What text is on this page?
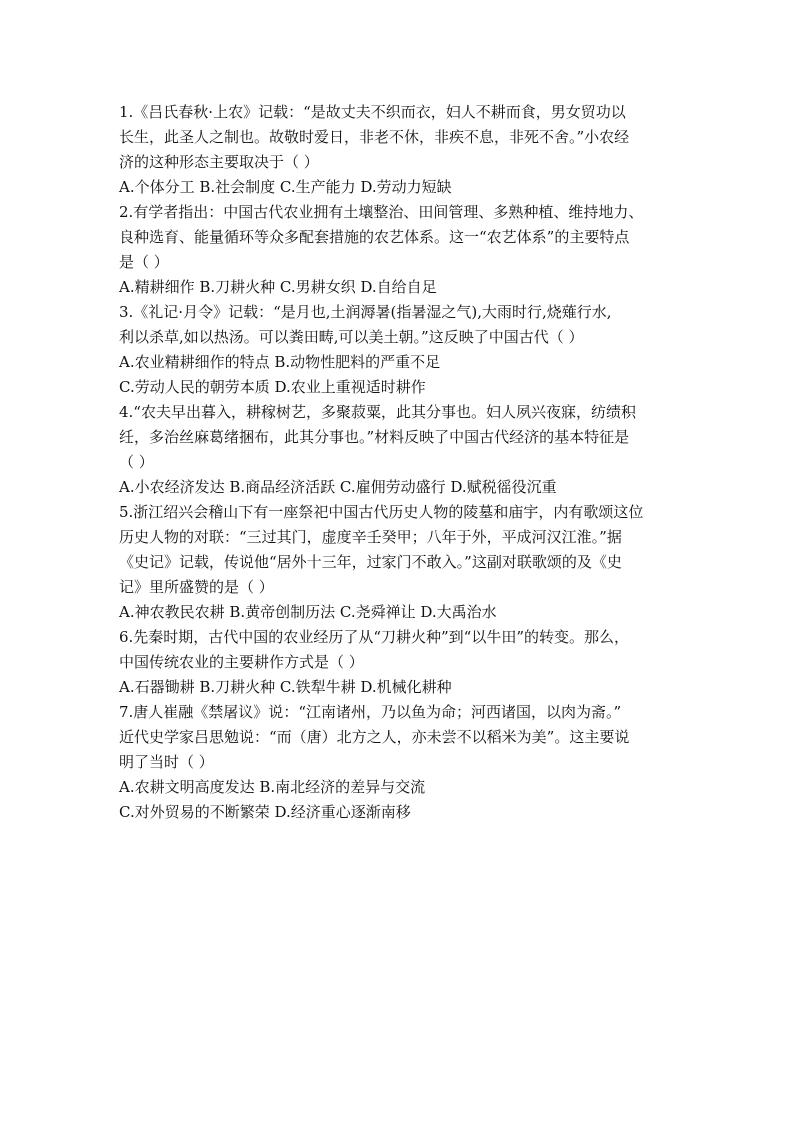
1.《吕氏春秋·上农》记载：“是故丈夫不织而衣，妇人不耕而食，男女贸功以
长生，此圣人之制也。故敬时爱日，非老不休，非疾不息，非死不舍。”小农经
济的这种形态主要取决于（ ）
A.个体分工 B.社会制度 C.生产能力 D.劳动力短缺
2.有学者指出：中国古代农业拥有土壤整治、田间管理、多熟种植、维持地力、
良种选育、能量循环等众多配套措施的农艺体系。这一“农艺体系”的主要特点
是（ ）
A.精耕细作 B.刀耕火种 C.男耕女织 D.自给自足
3.《礼记·月令》记载：“是月也,土润溽暑(指暑湿之气),大雨时行,烧薙行水,
利以杀草,如以热汤。可以粪田畴,可以美土朝。”这反映了中国古代（ ）
A.农业精耕细作的特点 B.动物性肥料的严重不足
C.劳动人民的朝劳本质 D.农业上重视适时耕作
4.“农夫早出暮入，耕稼树艺，多聚菽粟，此其分事也。妇人夙兴夜寐，纺绩积
纴，多治丝麻葛绪捆布，此其分事也。”材料反映了中国古代经济的基本特征是
（ ）
A.小农经济发达 B.商品经济活跃 C.雇佣劳动盛行 D.赋税徭役沉重
5.浙江绍兴会稽山下有一座祭祀中国古代历史人物的陵墓和庙宇，内有歌颂这位
历史人物的对联：“三过其门，虚度辛壬癸甲；八年于外，平成河汉江淮。”据
《史记》记载，传说他“居外十三年，过家门不敢入。”这副对联歌颂的及《史
记》里所盛赞的是（ ）
A.神农教民农耕 B.黄帝创制历法 C.尧舜禅让 D.大禹治水
6.先秦时期，古代中国的农业经历了从“刀耕火种”到“以牛田”的转变。那么，
中国传统农业的主要耕作方式是（ ）
A.石器锄耕 B.刀耕火种 C.铁犁牛耕 D.机械化耕种
7.唐人崔融《禁屠议》说：“江南诸州，乃以鱼为命；河西诸国，以肉为斋。”
近代史学家吕思勉说：“而（唐）北方之人，亦未尝不以稻米为美”。这主要说
明了当时（ ）
A.农耕文明高度发达 B.南北经济的差异与交流
C.对外贸易的不断繁荣 D.经济重心逐渐南移
